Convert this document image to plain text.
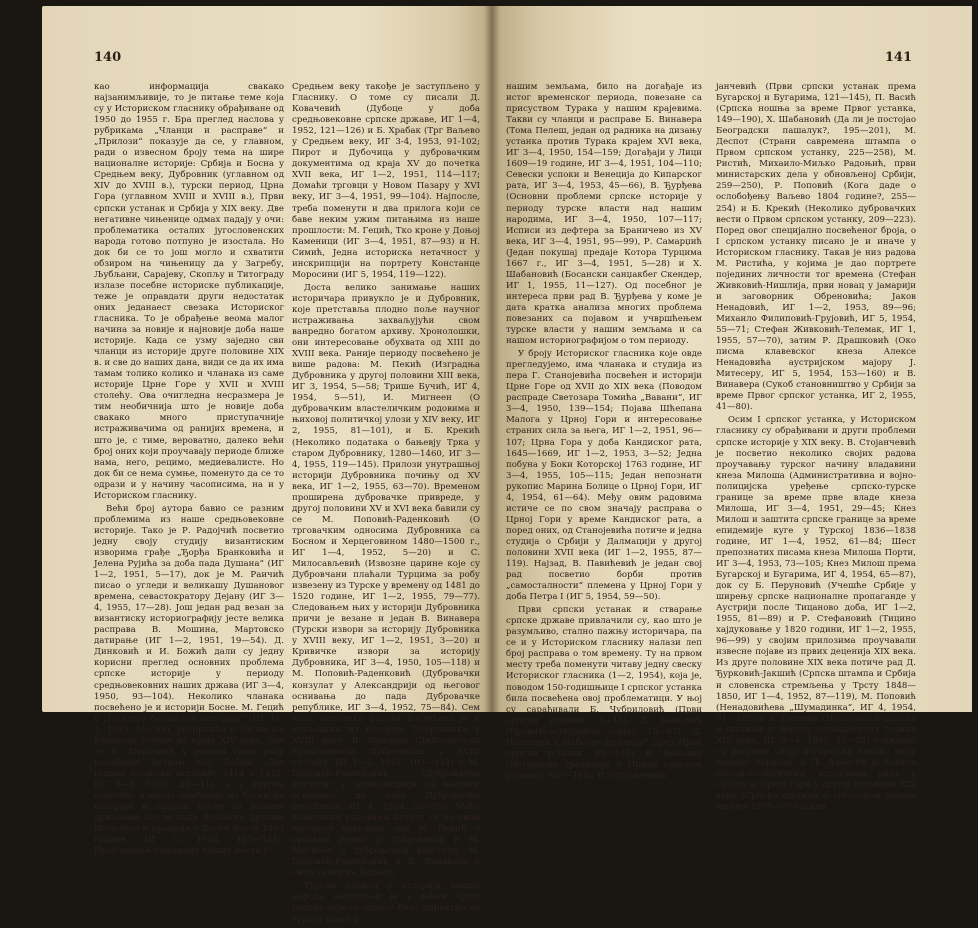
140

као информација свакако најзанимљивије, то је питање теме која су у Историском гласнику обрађиване од 1950 до 1955 г. Бра преглед наслова у рубрикама „Чланци и расправе“ и „Прилози“ показује да се, у главном, ради о извесном броју тема на ширe националне историје: Србија и Босна у Средњем веку, Дубровник (углавном од XIV до XVIII в.), турски период, Црна Гора (углавном XVIII и XVIII в.), Први српски устанак и Србија у XIX веку. Две негативне чињенице одмах падају у очи: проблематика осталих југословенских народа готово потпуно је изостала. Но док би се то још могло и схватити обзиром на чињеницу да у Загребу, Љубљани, Сарајеву, Скопљу и Титограду излазе посебне историске публикације, теже је оправдати други недостатак оних једанаест свезака Историског гласника. То је обрађење веома малог начина за новије и најновије доба наше историје. Када се узму заједно сви чланци из историје друге половине XIX в. и све до наших дана, види се да их има тамам толико колико и чланака из саме историје Црне Горе у XVII и XVIII столећу. Ова очигледна несразмера је тим необичнија што је новије доба свакако много приступачније истраживачима од ранијих времена, и што је, с тиме, вероватно, далеко већи број оних који проучавају периоде ближе нама, него, рецимо, медиевалисте. Но док би се нема сумње, поменуто да се то одрази и у начину часописима, на и у Историском гласнику.

Већи број аутора бавио се разним проблемима из наше средњовековне историје. Тако је Р. Радојчић посветио једну своју студију византиским изворима грађе „Ђорђа Бранковића и Јелена Рујића за доба пада Душана“ (ИГ 1—2, 1951, 5—17), док је М. Раичић писао о угледи и великашу Душановог времена, севастократору Дејану (ИГ 3—4, 1955, 17—28). Још један рад везан за византиску историографију јесте велика расправа В. Мошина, Мартовско датирање (ИГ 1—2, 1951, 19—54). Д. Динковић и И. Божић дали су једну корисни преглед основних проблема српске историје у периоду средњовековних наших држава (ИГ 3—4, 1950, 93—104). Неколико чланака посвећено је и историји Босне. М. Гецић у „Прилогу босанског историји“ (ИГ 1—2, 1953, 55—65), расправља о босанској владаоци Јелени из краја XIV века, док се С. Пирковић у једном свом раду позабавио битком код Добоја (Две године босанске историје, 1414 и 1415, ИГ 3—4, 1955, 29—41), а у другом осветлио извесне проблеме из босанске историје и одноца Босне са разним државама после пада босанске државе (Властела и краљеви у Босни после 1463 године, ИГ 5, 1954, 123—151). Проучавање појединих наших места у

Средњем веку такође је заступљено у Гласнику. О томе су писали Д. Ковачевић (Дубоце у доба средњовековне српске државе, ИГ 1—4, 1952, 121—126) и Б. Храбак (Трг Ваљево у Средњем веку, ИГ 3-4, 1953, 91-102; Пирот и Дубочица у дубровачким документима од краја XV до почетка XVII века, ИГ 1—2, 1951, 114—117; Домаћи трговци у Новом Пазару у XVI веку, ИГ 3—4, 1951, 99—104). Најпосле, треба поменути и два прилога који се баве неким ужим питањима из наше прошлости: М. Гецић, Тко кроне у Доњој Каменици (ИГ 3—4, 1951, 87—93) и Н. Симић, Једна историска нетачност у инскрипцији на портрету Констанце Моросини (ИГ 5, 1954, 119—122).

Доста велико занимање наших историчара привукло је и Дубровник, које претставља плодно поље научног истраживања захваљујући свом ванредно богатом архиву. Хронолошки, они интересовање обухвата од XIII до XVIII века. Раније периоду посвећено је више радова: М. Пекић (Изградња Дубровника у другој половини XIII века, ИГ 3, 1954, 5—58; Трише Бучић, ИГ 4, 1954, 5—51), И. Мигнеен (О дубровачким властеличким родовима и њиховој политичкој улози у XIV веку, ИГ 2, 1955, 81—101), и Б. Крекић (Неколико података о бањевју Трка у старом Дубровнику, 1280—1460, ИГ 3—4, 1955, 119—145). Прилози унутрашњој историји Дубровника почињу од XV века, ИГ 1—2, 1955, 63—70). Временом проширена дубровачке привреде, у другој половини XV и XVI века бавили су се М. Поповић-Раденковић (О трговачким односима Дубровника са Босном и Херцеговином 1480—1500 г., ИГ 1—4, 1952, 5—20) и С. Милосављевић (Извозне царине које су Дубровчани плаћали Турцима за робу извезену из Турске у времену од 1481 до 1520 године, ИГ 1—2, 1955, 79—77). Следовањем њих у историји Дубровника причи је везане и један В. Винавера (Турски извори за историју Дубровника у XVIII веку, ИГ 1—2, 1951, 3—20) и Кривичке извори за историју Дубровника, ИГ 3—4, 1950, 105—118) и М. Поповић-Раденковић (Дубровачки конзулат у Александрији од његовог оснивања до пада Дубровачке републике, ИГ 3—4, 1952, 75—84). Сем тога, неколико радова посвећено је и епизодама из историје Дубровника у XVIII веку: В. Кризман (Дипломатски представници Дубровника у XVIII столећу, ИГ 1—2, 1951, 107—114) и М. Поповић-Раденковић (Дубровачки конзулат у Александрији од његовог оснивања до пада Дубровачке републике, ИГ 4, 1954, 55—55). Међу наведеним радовима истичу се по свом интересу неколико они М. Пекић о српском језику у Дубровнику и М. Мигнеен о дубровачкој властели. М. Поповић-Раденковић и В. Винавера у своју тачку на Јадрану.

Турски период у историји наших народа заступљен је у већем броју радова који се односе било директно на турску власт у

141

нашим земљама, било на догађаје из истог временског периода, повезане са присуством Турака у нашим крајевима. Такви су чланци и расправе Б. Винавера (Тома Пелеш, један од радника на дизању устанка против Турака крајем XVI века, ИГ 3—4, 1950, 154—159; Догађаји у Лици 1609—19 године, ИГ 3—4, 1951, 104—110; Севески успоки и Венеција до Кипарског рата, ИГ 3—4, 1953, 45—66), В. Ђурђева (Основни проблеми српске историје у периоду турске власти над нашим народима, ИГ 3—4, 1950, 107—117; Исписи из дефтера за Браничево из XV века, ИГ 3—4, 1951, 95—99), Р. Самарџић (Један покушај предаје Котора Турцима 1667 г., ИГ 3—4, 1951, 5—28) и Х. Шабановић (Босански санџакбег Скендер, ИГ 1, 1955, 11—127). Од посебног је интереса први рад В. Ђурђева у коме је дата кратка анализа многих проблема повезаних са појавом и учвршћењем турске власти у нашим земљама и са нашом историографијом о том периоду.

У броју Историског гласника које овде прегледујемо, има чланака и студија из пера Г. Станојевића посвећен и историји Црне Горе од XVII до XIX века (Поводом распраде Светозара Томића „Вавани“, ИГ 3—4, 1950, 139—154; Појава Шћепана Малога у Црној Гори и интересовање страних сила за њега, ИГ 1—2, 1951, 96—107; Црна Гора у доба Кандиског рата, 1645—1669, ИГ 1—2, 1953, 3—52; Једна побуна у Боки Которској 1763 године, ИГ 3—4, 1955, 105—115; Један непознати рукопис Марина Болице о Црној Гори, ИГ 4, 1954, 61—64). Међу овим радовима истиче се по свом значају расправа о Црној Гори у време Кандиског рата, а поред оних, од Станојевића потиче и једна студија о Србији у Далмацији у другој половини XVII века (ИГ 1—2, 1955, 87—119). Најзад, В. Павићевић је један свој рад посветио борби против „самосталности“ племена у Црној Гори у доба Петра I (ИГ 5, 1954, 59—50).

Први српски устанак и стварање српске државе привлачили су, као што је разумљиво, стално пажњу историчара, па се и у Историском гласнику налази леп број расправа о том времену. Ту на првом месту треба поменути читаву једну свеску Историског гласника (1—2, 1954), која је, поводом 150-годишњице I српског устанка била посвећена овој проблематици. У њој су сарађивали Б. Чубриловић (Први српски устанак, 5—15), Д. Јанковић (Правителствујушчи совјет, 15—87), Д. Пантелић („Небеске прилике“ пред Први српски устанак, 89—101), В. Винавер (Историска традиција у Првом српском устанку, 105—118), В. Стојанчевић

јанчевић (Први српски устанак према Бугарској и Бугарима, 121—145), П. Васић (Српска ношња за време Првог устанка, 149—190), Х. Шабановић (Да ли је постојао Београдски пашалук?, 195—201), М. Деспот (Страни савремена штампа о Првом српском устанку, 225—258), М. Ристић, Михаило-Миљко Радоњић, први министарских дела у обновљеној Србији, 259—250), Р. Поповић (Кога даде о ослобођењу Ваљево 1804 године?, 255—254) и Б. Крекић (Неколико дубровачких вести о Првом српском устанку, 209—223). Поред овог специјално посвећеног броја, о I српском устанку писано је и иначе у Историском гласнику. Такав је низ радова М. Ристића, у којима је дао портрете појединих личности тог времена (Стефан Живковић-Нишлија, први новац у јамарији и заговорник Обреновића; Јаков Ненадовић, ИГ 1—2, 1953, 89—96; Михаило Филиповић-Грујовић, ИГ 5, 1954, 55—71; Стефан Живковић-Телемак, ИГ 1, 1955, 57—70), затим Р. Драшковић (Око писма клавевског кнеза Алексе Ненадовића аустријском мајору Ј. Митесеру, ИГ 5, 1954, 153—160) и В. Винавера (Сукоб становништво у Србији за време Првог српског устанка, ИГ 2, 1955, 41—80).

Осим I српског устанка, у Историском гласнику су обрађивани и други проблеми српске историје у XIX веку. В. Стојанчевић је посветио неколико својих радова проучавању турског начину владавини кнеза Милоша (Административна и војно-полицијска уређење српско-турске границе за време прве владе кнеза Милоша, ИГ 3—4, 1951, 29—45; Кнез Милош и заштита српске границе за време епидемије куге у Турској 1836—1838 године, ИГ 1—4, 1952, 61—84; Шест препознатих писама кнеза Милоша Порти, ИГ 3—4, 1953, 73—105; Кнез Милош према Бугарској и Бугарима, ИГ 4, 1954, 65—87), док су Б. Перуновић (Учешће Србије у ширењу српске националне пропаганде у Аустрији после Тицаново доба, ИГ 1—2, 1955, 81—89) и Р. Стефановић (Тицино хајдуковање у 1820 години, ИГ 1—2, 1955, 96—99) у својим прилозима проучавали извесне појаве из првих деценија XIX века. Из друге половине XIX века потиче рад Д. Ђурковић-Јакшић (Српска штампа и Србија и словенска стремљења у Трсту 1848—1850, ИГ 1—4, 1952, 87—119), М. Поповић (Ненадовићева „Шумадинка“, ИГ 4, 1954, 91—125) и А. Гаденић (Неколико података о штампи у Земуну седамдесетих година XIX века, ИГ 3—4, 1955, 45—55) извиднео су разумни своју историјска некако низу данијег периода, а Љ. Алексић је бавила спољнополитичким аспектима рата у Србији и Црној Гори у другој половини XIX века (Српска штампа о енглеском јавном мњењу 1875—78 године,
